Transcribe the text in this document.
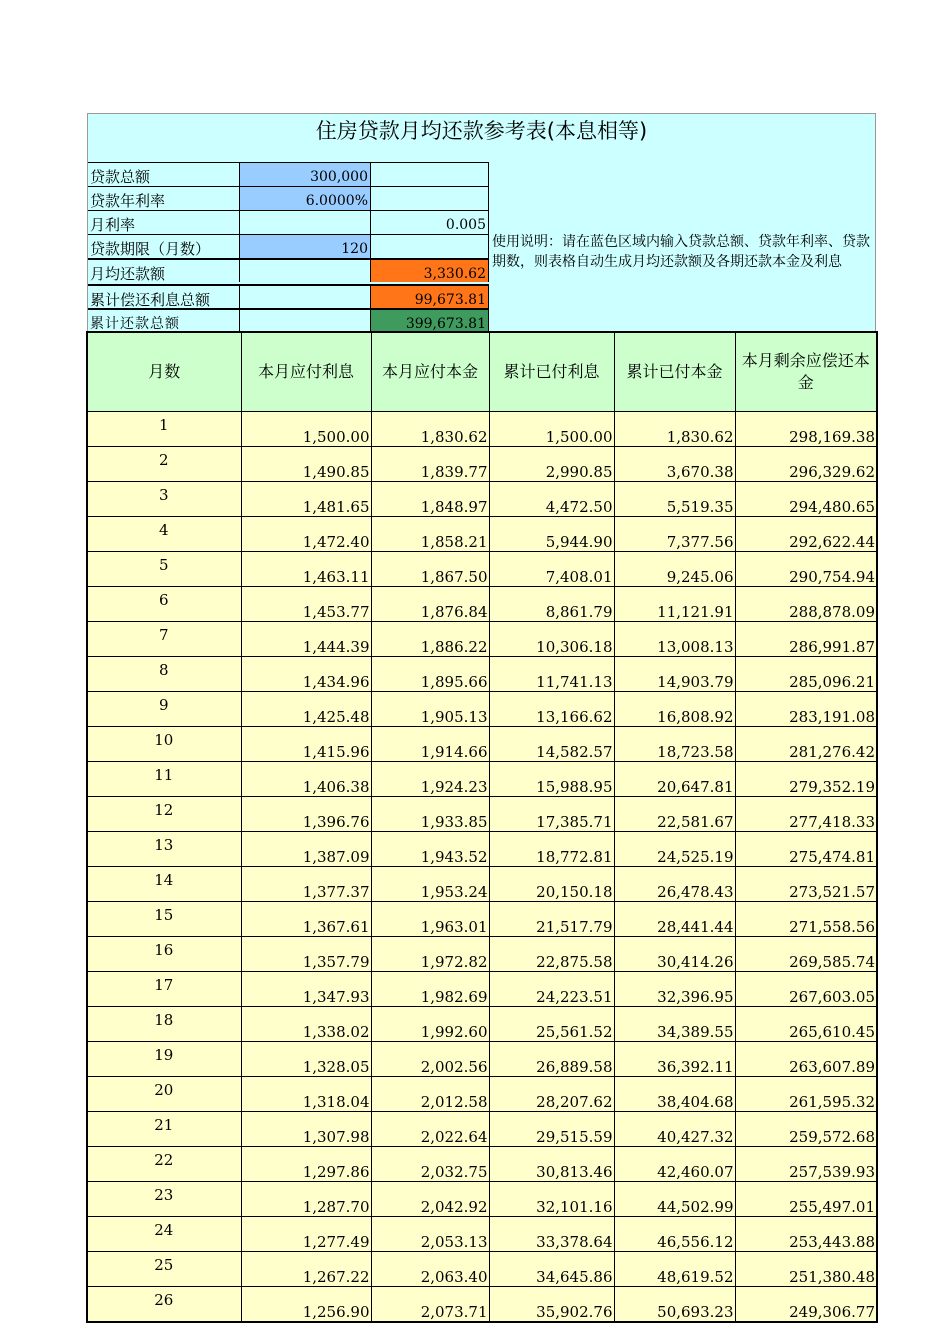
住房贷款月均还款参考表(本息相等)
贷款总额	300,000
贷款年利率	6.0000%
月利率	0.005
贷款期限（月数）	120
月均还款额	3,330.62
累计偿还利息总额	99,673.81
累计还款总额	399,673.81
使用说明：请在蓝色区域内输入贷款总额、贷款年利率、贷款期数，则表格自动生成月均还款额及各期还款本金及利息
月数	本月应付利息	本月应付本金	累计已付利息	累计已付本金	本月剩余应偿还本金
1	1,500.00	1,830.62	1,500.00	1,830.62	298,169.38
2	1,490.85	1,839.77	2,990.85	3,670.38	296,329.62
3	1,481.65	1,848.97	4,472.50	5,519.35	294,480.65
4	1,472.40	1,858.21	5,944.90	7,377.56	292,622.44
5	1,463.11	1,867.50	7,408.01	9,245.06	290,754.94
6	1,453.77	1,876.84	8,861.79	11,121.91	288,878.09
7	1,444.39	1,886.22	10,306.18	13,008.13	286,991.87
8	1,434.96	1,895.66	11,741.13	14,903.79	285,096.21
9	1,425.48	1,905.13	13,166.62	16,808.92	283,191.08
10	1,415.96	1,914.66	14,582.57	18,723.58	281,276.42
11	1,406.38	1,924.23	15,988.95	20,647.81	279,352.19
12	1,396.76	1,933.85	17,385.71	22,581.67	277,418.33
13	1,387.09	1,943.52	18,772.81	24,525.19	275,474.81
14	1,377.37	1,953.24	20,150.18	26,478.43	273,521.57
15	1,367.61	1,963.01	21,517.79	28,441.44	271,558.56
16	1,357.79	1,972.82	22,875.58	30,414.26	269,585.74
17	1,347.93	1,982.69	24,223.51	32,396.95	267,603.05
18	1,338.02	1,992.60	25,561.52	34,389.55	265,610.45
19	1,328.05	2,002.56	26,889.58	36,392.11	263,607.89
20	1,318.04	2,012.58	28,207.62	38,404.68	261,595.32
21	1,307.98	2,022.64	29,515.59	40,427.32	259,572.68
22	1,297.86	2,032.75	30,813.46	42,460.07	257,539.93
23	1,287.70	2,042.92	32,101.16	44,502.99	255,497.01
24	1,277.49	2,053.13	33,378.64	46,556.12	253,443.88
25	1,267.22	2,063.40	34,645.86	48,619.52	251,380.48
26	1,256.90	2,073.71	35,902.76	50,693.23	249,306.77
